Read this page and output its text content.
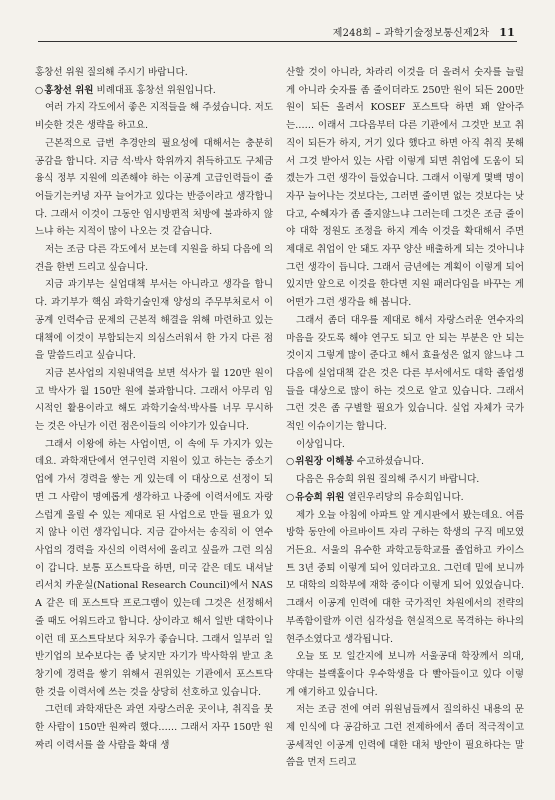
제248회 – 과학기술정보통신제2차 11

홍창선 위원 질의해 주시기 바랍니다.

○홍창선 위원 비례대표 홍창선 위원입니다.

여러 가지 각도에서 좋은 지적들을 해 주셨습니다. 저도 비슷한 것은 생략을 하고요.

근본적으로 급번 추경안의 필요성에 대해서는 충분히 공감을 합니다. 지금 석·박사 학위까지 취득하고도 구체금융식 정부 지원에 의존해야 하는 이공계 고급인력들이 줄어들기는커녕 자꾸 늘어가고 있다는 반증이라고 생각합니다. 그래서 이것이 그동안 임시방편적 처방에 불과하지 않느냐 하는 지적이 많이 나오는 것 같습니다.

저는 조금 다른 각도에서 보는데 지원을 하되 다음에 의견을 한번 드리고 싶습니다.

지금 과기부는 실업대책 부서는 아니라고 생각을 합니다. 과기부가 핵심 과학기술인재 양성의 주무부처로서 이공계 인력수급 문제의 근본적 해결을 위해 마련하고 있는 대책에 이것이 부합되는지 의심스러워서 한 가지 다른 점을 말씀드리고 싶습니다.

지금 본사업의 지원내역을 보면 석사가 월 120만 원이고 박사가 월 150만 원에 불과합니다. 그래서 아무리 임시적인 활용이라고 해도 과학기술석·박사를 너무 무시하는 것은 아닌가 이런 점은이들의 이야기가 있습니다.

그래서 이왕에 하는 사업이면, 이 속에 두 가지가 있는데요. 과학재단에서 연구인력 지원이 있고 하는는 중소기업에 가서 경력을 쌓는 게 있는데 이 대상으로 선정이 되면 그 사람이 명예롭게 생각하고 나중에 이력서에도 자랑스럽게 올릴 수 있는 제대로 된 사업으로 만들 필요가 있지 않나 이런 생각입니다. 지금 같아서는 송직히 이 연수사업의 경력을 자신의 이력서에 올리고 싶을까 그런 의심이 갑니다. 보통 포스트닥을 하면, 미국 같은 데도 내셔날 리서치 카운실(National Research Council)에서 NASA 같은 데 포스트닥 프로그램이 있는데 그것은 선정해서 줄 때도 어워드라고 합니다. 상이라고 해서 일반 대학이나 이런 데 포스트닥보다 처우가 좋습니다. 그래서 일부러 일반기업의 보수보다는 좀 낮지만 자기가 박사학위 받고 초창기에 경력을 쌓기 위해서 권위있는 기관에서 포스트닥 한 것을 이력서에 쓰는 것을 상당히 선호하고 있습니다.

그런데 과학재단은 과연 자랑스러운 곳이냐, 취직을 못한 사람이 150만 원짜리 했다…… 그래서 자꾸 150만 원짜리 이력서를 쓸 사람을 확대 생

산할 것이 아니라, 차라리 이것을 더 올려서 숫자를 늘릴 게 아니라 숫자를 좀 줄이더라도 250만 원이 되든 200만 원이 되든 올려서 KOSEF 포스트닥 하면 꽤 알아주는…… 이래서 그다음부터 다른 기관에서 그것만 보고 취직이 되든가 하지, 거기 있다 했다고 하면 아직 취직 못해서 그것 받아서 있는 사람 이렇게 되면 취업에 도움이 되겠는가 그런 생각이 들었습니다. 그래서 이렇게 몇백 명이 자꾸 늘어나는 것보다는, 그러면 줄이면 없는 것보다는 낫다고, 수혜자가 좀 줄지않느냐 그러는데 그것은 조금 줄이야 대학 정원도 조정을 하지 계속 이것을 확대해서 주면 제대로 취업이 안 돼도 자꾸 양산 배출하게 되는 것아니냐 그런 생각이 듭니다. 그래서 금년에는 계획이 이렇게 되어 있지만 앞으로 이것을 한다면 지원 패러다임을 바꾸는 게 어떤가 그런 생각을 해 봅니다.

그래서 좀더 대우를 제대로 해서 자랑스러운 연수자의 마음을 갖도록 해야 연구도 되고 안 되는 부분은 안 되는 것이지 그렇게 많이 준다고 해서 효율성은 없지 않느냐 그다음에 실업대책 같은 것은 다른 부서에서도 대학 졸업생들을 대상으로 많이 하는 것으로 알고 있습니다. 그래서 그런 것은 좀 구별할 필요가 있습니다. 실업 자체가 국가적인 이슈이기는 합니다.

이상입니다.

○위원장 이해봉 수고하셨습니다.

다음은 유승희 위원 질의해 주시기 바랍니다.

○유승희 위원 열린우리당의 유승희입니다.

제가 오늘 아침에 아파트 앞 게시판에서 봤는데요. 여름방학 동안에 아르바이트 자리 구하는 학생의 구직 메모였거든요. 서울의 유수한 과학고등학교를 졸업하고 카이스트 3년 중퇴 이렇게 되어 있더라고요. 그런데 밑에 보니까 모 대학의 의학부에 재학 중이다 이렇게 되어 있었습니다. 그래서 이공계 인력에 대한 국가적인 차원에서의 전략의 부족함이랄까 이런 심각성을 현실적으로 목격하는 하나의 현주소였다고 생각됩니다.

오늘 또 모 일간지에 보니까 서울공대 학장께서 의대, 약대는 블랙홀이다 우수학생을 다 빨아들이고 있다 이렇게 얘기하고 있습니다.

저는 조금 전에 여러 위원님들께서 질의하신 내용의 문제 인식에 다 공감하고 그런 전제하에서 좀더 적극적이고 공세적인 이공계 인력에 대한 대처 방안이 필요하다는 말씀을 먼저 드리고
